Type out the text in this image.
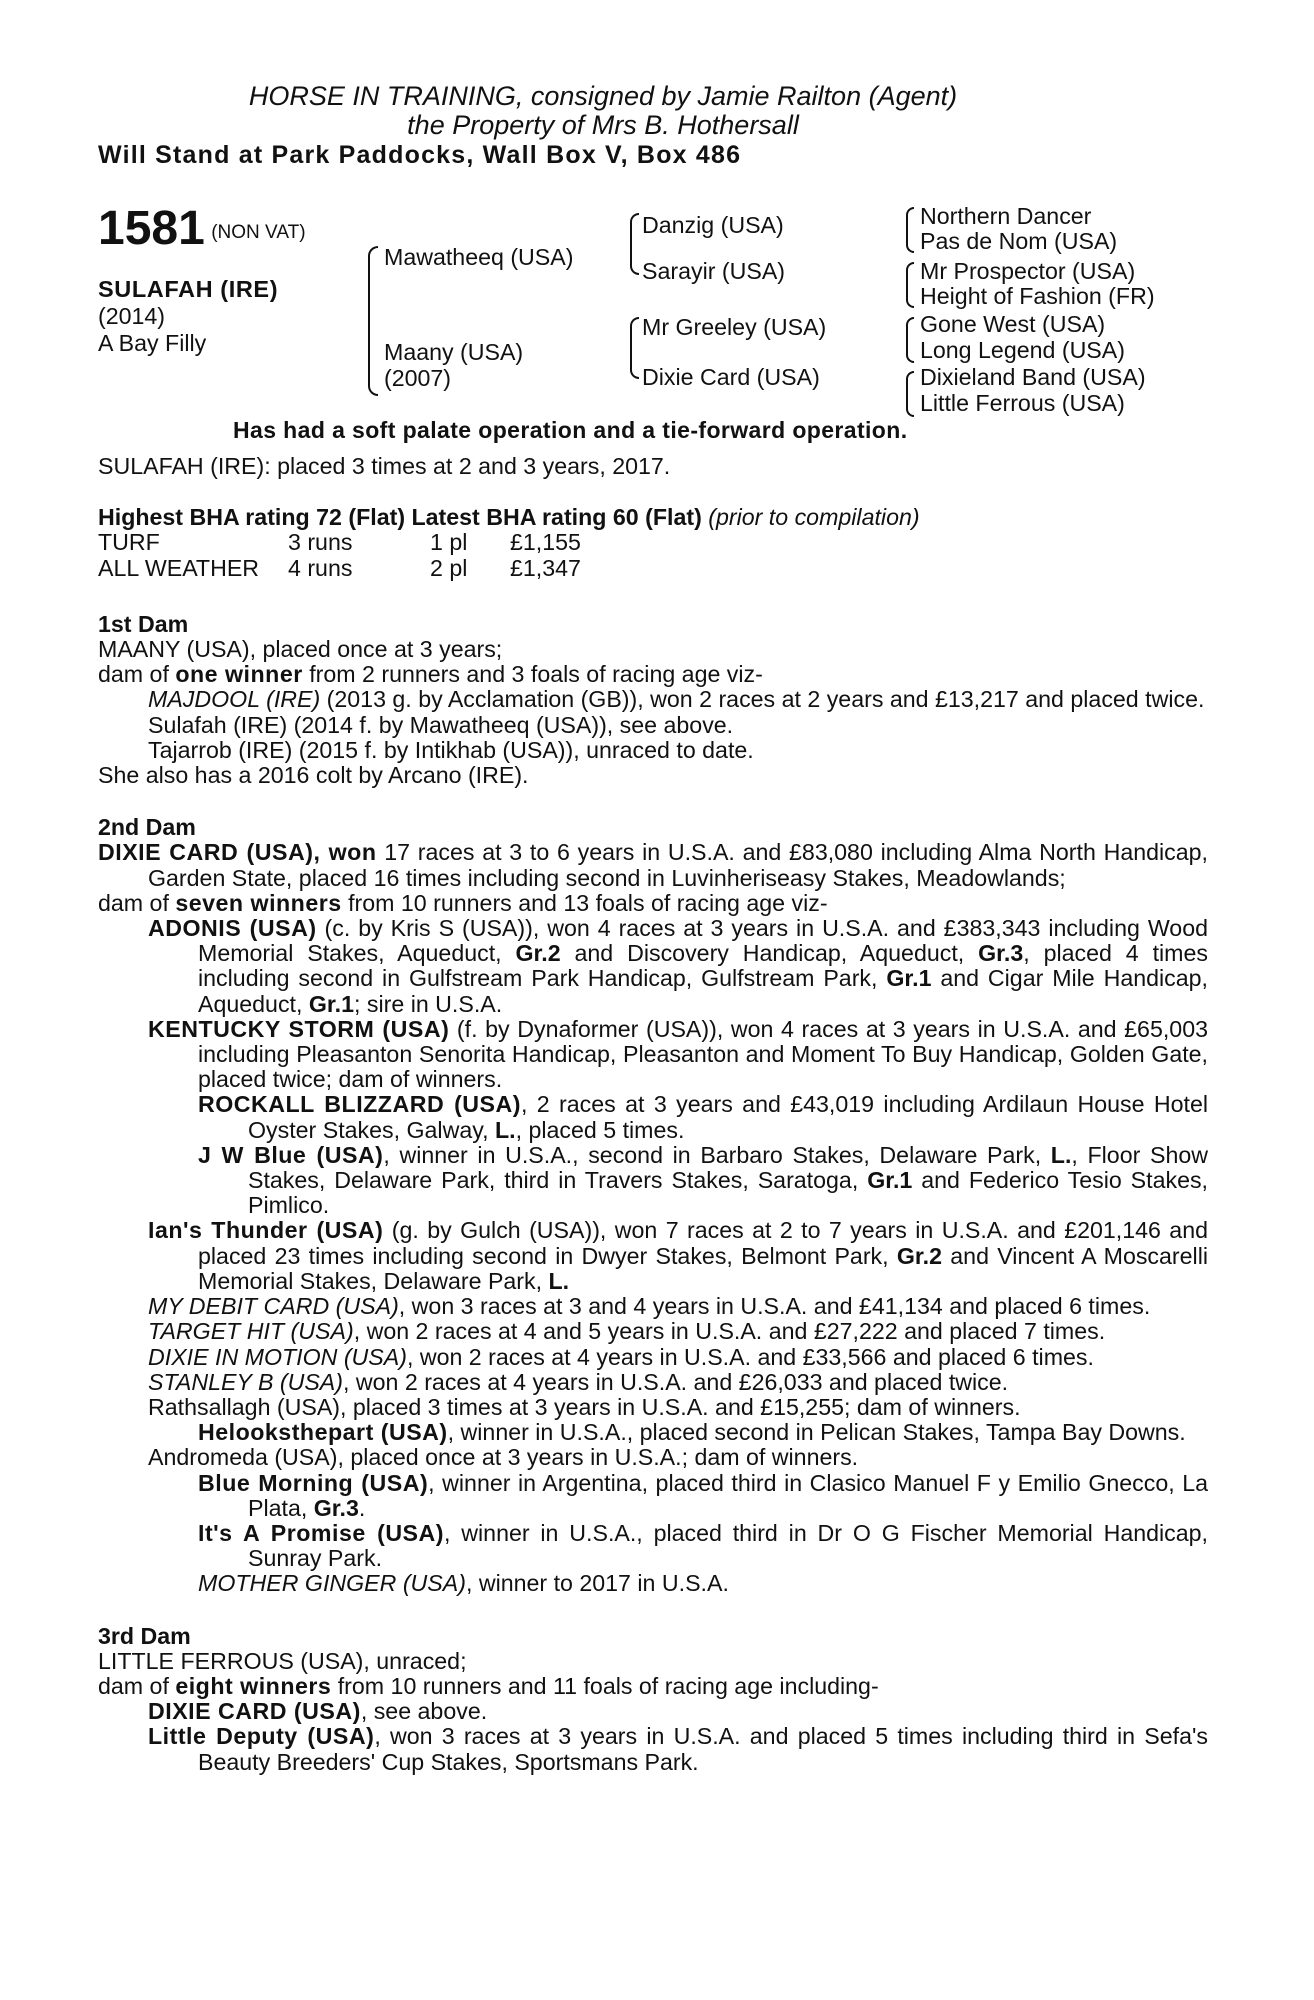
HORSE IN TRAINING, consigned by Jamie Railton (Agent)
the Property of Mrs B. Hothersall
Will Stand at Park Paddocks, Wall Box V, Box 486
1581 $^{(NON VAT)}$
SULAFAH (IRE)
(2014)
A Bay Filly
Mawatheeq (USA)
Maany (USA)
(2007)
Danzig (USA)
Sarayir (USA)
Mr Greeley (USA)
Dixie Card (USA)
Northern Dancer
Pas de Nom (USA)
Mr Prospector (USA)
Height of Fashion (FR)
Gone West (USA)
Long Legend (USA)
Dixieland Band (USA)
Little Ferrous (USA)
Has had a soft palate operation and a tie-forward operation.
SULAFAH (IRE): placed 3 times at 2 and 3 years, 2017.
Highest BHA rating 72 (Flat) Latest BHA rating 60 (Flat) (prior to compilation)
TURF	3 runs	1 pl	£1,155
ALL WEATHER	4 runs	2 pl	£1,347
1st Dam
MAANY (USA), placed once at 3 years;
dam of one winner from 2 runners and 3 foals of racing age viz-
MAJDOOL (IRE) (2013 g. by Acclamation (GB)), won 2 races at 2 years and £13,217 and placed twice.
Sulafah (IRE) (2014 f. by Mawatheeq (USA)), see above.
Tajarrob (IRE) (2015 f. by Intikhab (USA)), unraced to date.
She also has a 2016 colt by Arcano (IRE).
2nd Dam
DIXIE CARD (USA), won 17 races at 3 to 6 years in U.S.A. and £83,080 including Alma North Handicap, Garden State, placed 16 times including second in Luvinheriseasy Stakes, Meadowlands;
dam of seven winners from 10 runners and 13 foals of racing age viz-
ADONIS (USA) (c. by Kris S (USA)), won 4 races at 3 years in U.S.A. and £383,343 including Wood Memorial Stakes, Aqueduct, Gr.2 and Discovery Handicap, Aqueduct, Gr.3, placed 4 times including second in Gulfstream Park Handicap, Gulfstream Park, Gr.1 and Cigar Mile Handicap, Aqueduct, Gr.1; sire in U.S.A.
KENTUCKY STORM (USA) (f. by Dynaformer (USA)), won 4 races at 3 years in U.S.A. and £65,003 including Pleasanton Senorita Handicap, Pleasanton and Moment To Buy Handicap, Golden Gate, placed twice; dam of winners.
ROCKALL BLIZZARD (USA), 2 races at 3 years and £43,019 including Ardilaun House Hotel Oyster Stakes, Galway, L., placed 5 times.
J W Blue (USA), winner in U.S.A., second in Barbaro Stakes, Delaware Park, L., Floor Show Stakes, Delaware Park, third in Travers Stakes, Saratoga, Gr.1 and Federico Tesio Stakes, Pimlico.
Ian's Thunder (USA) (g. by Gulch (USA)), won 7 races at 2 to 7 years in U.S.A. and £201,146 and placed 23 times including second in Dwyer Stakes, Belmont Park, Gr.2 and Vincent A Moscarelli Memorial Stakes, Delaware Park, L.
MY DEBIT CARD (USA), won 3 races at 3 and 4 years in U.S.A. and £41,134 and placed 6 times.
TARGET HIT (USA), won 2 races at 4 and 5 years in U.S.A. and £27,222 and placed 7 times.
DIXIE IN MOTION (USA), won 2 races at 4 years in U.S.A. and £33,566 and placed 6 times.
STANLEY B (USA), won 2 races at 4 years in U.S.A. and £26,033 and placed twice.
Rathsallagh (USA), placed 3 times at 3 years in U.S.A. and £15,255; dam of winners.
Helooksthepart (USA), winner in U.S.A., placed second in Pelican Stakes, Tampa Bay Downs.
Andromeda (USA), placed once at 3 years in U.S.A.; dam of winners.
Blue Morning (USA), winner in Argentina, placed third in Clasico Manuel F y Emilio Gnecco, La Plata, Gr.3.
It's A Promise (USA), winner in U.S.A., placed third in Dr O G Fischer Memorial Handicap, Sunray Park.
MOTHER GINGER (USA), winner to 2017 in U.S.A.
3rd Dam
LITTLE FERROUS (USA), unraced;
dam of eight winners from 10 runners and 11 foals of racing age including-
DIXIE CARD (USA), see above.
Little Deputy (USA), won 3 races at 3 years in U.S.A. and placed 5 times including third in Sefa's Beauty Breeders' Cup Stakes, Sportsmans Park.
